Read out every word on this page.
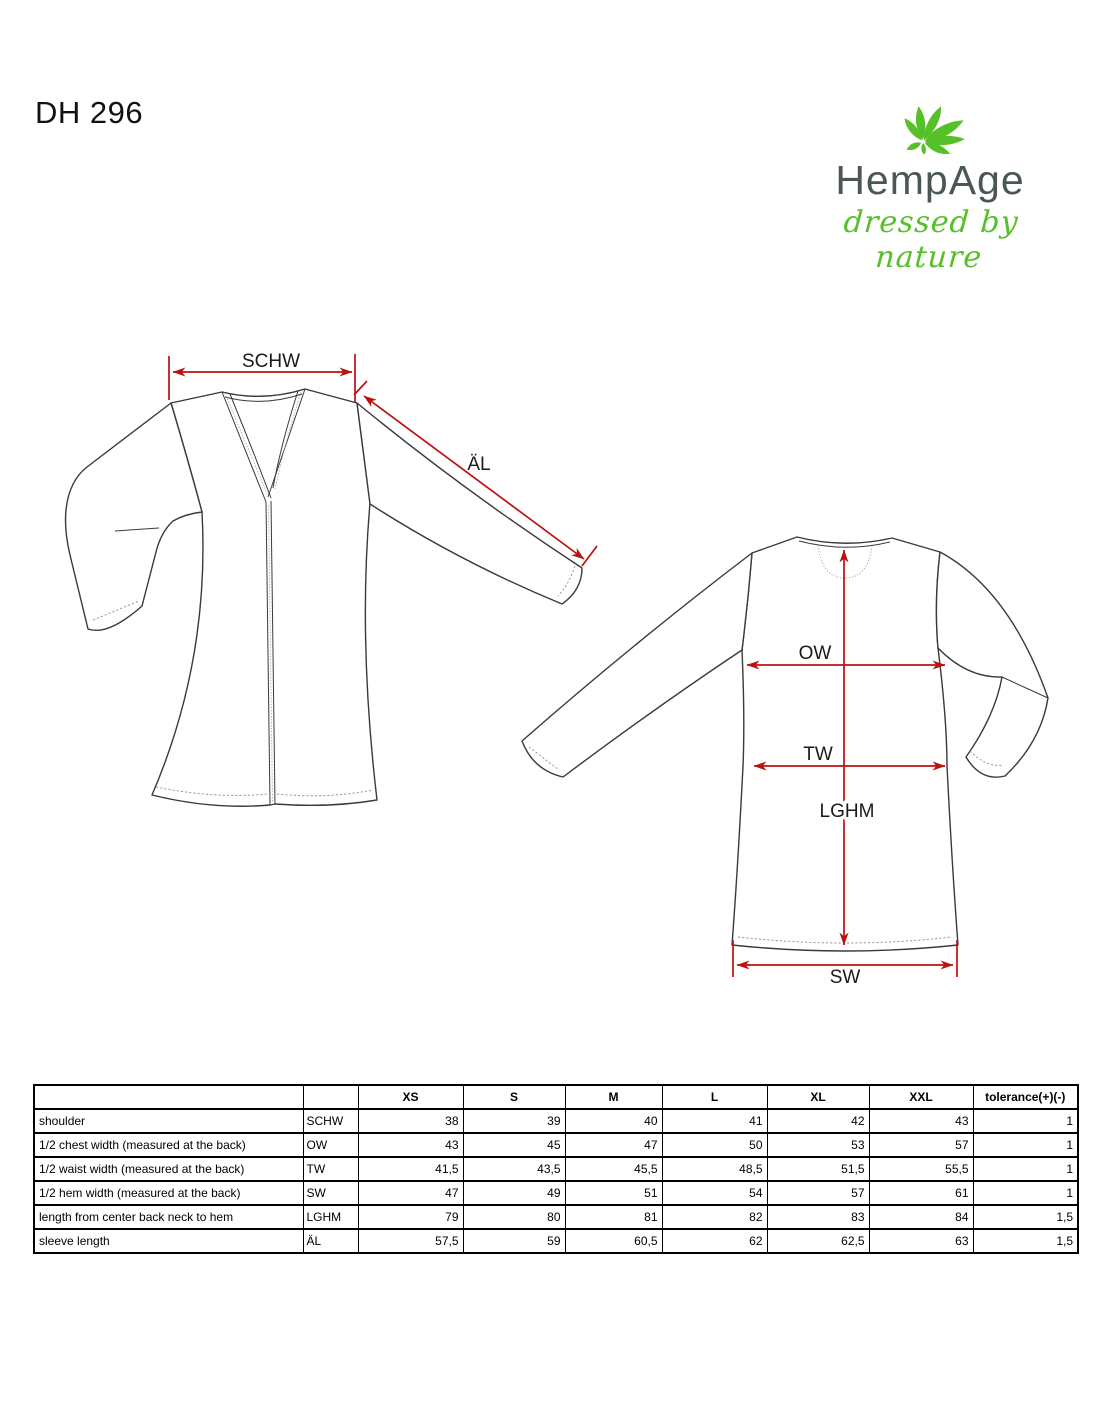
DH 296
HempAge
dressed by nature
SCHW
ÄL
OW
TW
LGHM
SW
		XS	S	M	L	XL	XXL	tolerance(+)(-)
shoulder	SCHW	38	39	40	41	42	43	1
1/2 chest width (measured at the back)	OW	43	45	47	50	53	57	1
1/2 waist width (measured at the back)	TW	41,5	43,5	45,5	48,5	51,5	55,5	1
1/2 hem width (measured at the back)	SW	47	49	51	54	57	61	1
length from center back neck to hem	LGHM	79	80	81	82	83	84	1,5
sleeve length	ÄL	57,5	59	60,5	62	62,5	63	1,5
